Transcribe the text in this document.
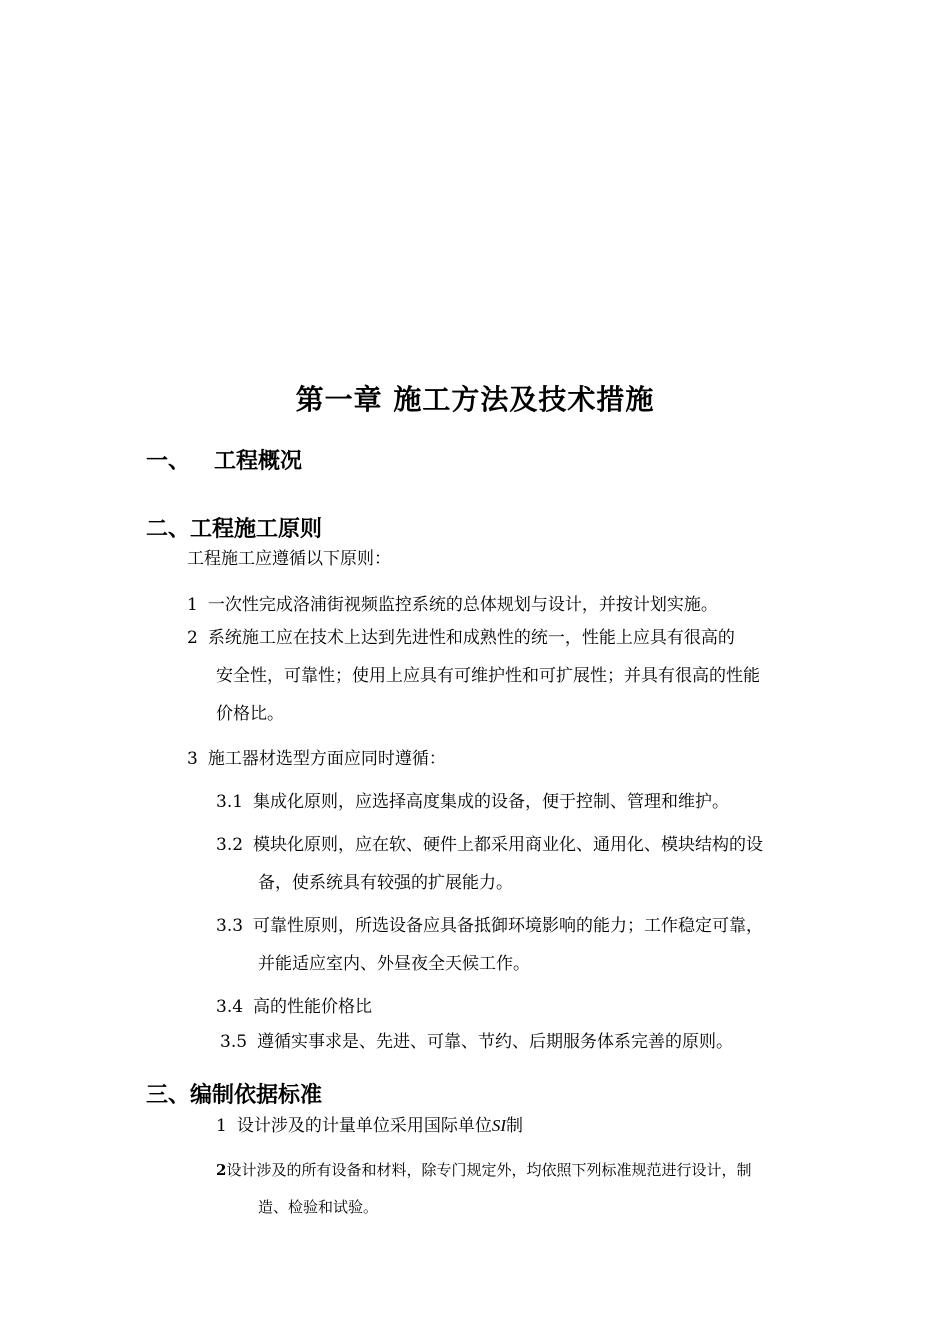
第一章 施工方法及技术措施
一、 工程概况
二、工程施工原则
工程施工应遵循以下原则：
1 一次性完成洛浦街视频监控系统的总体规划与设计，并按计划实施。
2 系统施工应在技术上达到先进性和成熟性的统一，性能上应具有很高的
安全性，可靠性；使用上应具有可维护性和可扩展性；并具有很高的性能
价格比。
3 施工器材选型方面应同时遵循：
3.1 集成化原则，应选择高度集成的设备，便于控制、管理和维护。
3.2 模块化原则，应在软、硬件上都采用商业化、通用化、模块结构的设
备，使系统具有较强的扩展能力。
3.3 可靠性原则，所选设备应具备抵御环境影响的能力；工作稳定可靠，
并能适应室内、外昼夜全天候工作。
3.4 高的性能价格比
3.5 遵循实事求是、先进、可靠、节约、后期服务体系完善的原则。
三、编制依据标准
1 设计涉及的计量单位采用国际单位SI制
2设计涉及的所有设备和材料，除专门规定外，均依照下列标准规范进行设计，制
造、检验和试验。
